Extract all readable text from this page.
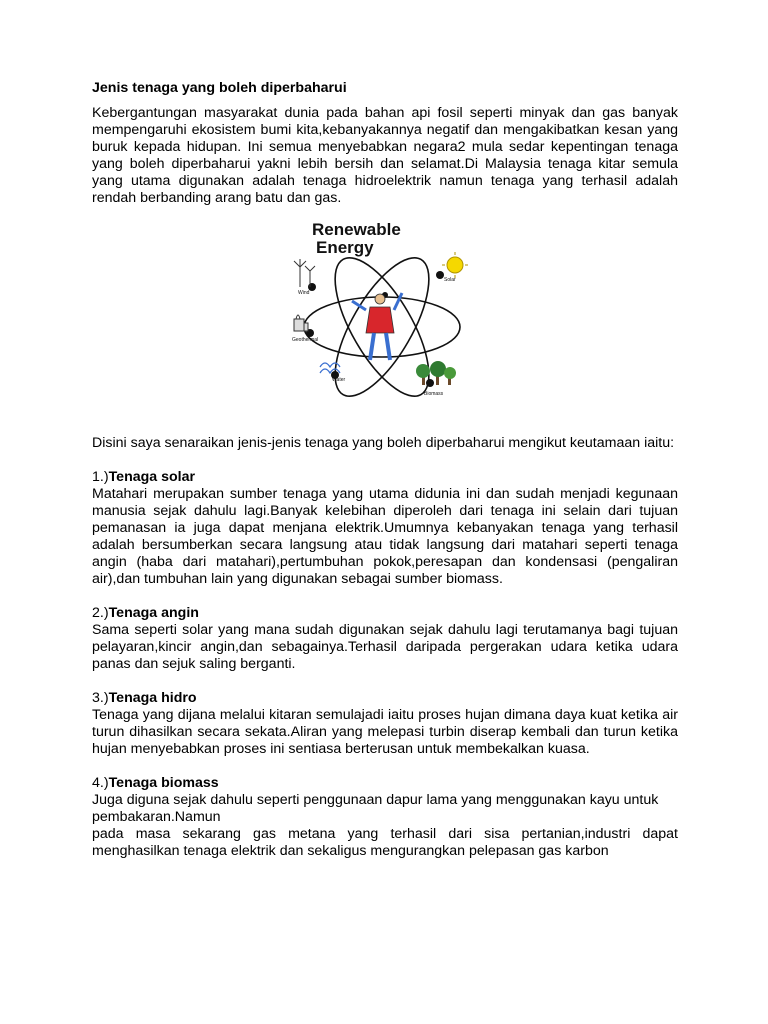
Jenis tenaga yang boleh diperbaharui

Kebergantungan masyarakat dunia pada bahan api fosil seperti minyak dan gas banyak mempengaruhi ekosistem bumi kita,kebanyakannya negatif dan mengakibatkan kesan yang buruk kepada hidupan. Ini semua menyebabkan negara2 mula sedar kepentingan tenaga yang boleh diperbaharui yakni lebih bersih dan selamat.Di Malaysia tenaga kitar semula yang utama digunakan adalah tenaga hidroelektrik namun tenaga yang terhasil adalah rendah berbanding arang batu dan gas.

Renewable
Energy
Solar
Wind
Geothermal
Water
Biomass

Disini saya senaraikan jenis-jenis tenaga yang boleh diperbaharui mengikut keutamaan iaitu:

1.)Tenaga solar

Matahari merupakan sumber tenaga yang utama didunia ini dan sudah menjadi kegunaan manusia sejak dahulu lagi.Banyak kelebihan diperoleh dari tenaga ini selain dari tujuan pemanasan ia juga dapat menjana elektrik.Umumnya kebanyakan tenaga yang terhasil adalah bersumberkan secara langsung atau tidak langsung dari matahari seperti tenaga angin (haba dari matahari),pertumbuhan pokok,peresapan dan kondensasi (pengaliran air),dan tumbuhan lain yang digunakan sebagai sumber biomass.

2.)Tenaga angin

Sama seperti solar yang mana sudah digunakan sejak dahulu lagi terutamanya bagi tujuan pelayaran,kincir angin,dan sebagainya.Terhasil daripada pergerakan udara ketika udara panas dan sejuk saling berganti.

3.)Tenaga hidro

Tenaga yang dijana melalui kitaran semulajadi iaitu proses hujan dimana daya kuat ketika air turun dihasilkan secara sekata.Aliran yang melepasi turbin diserap kembali dan turun ketika hujan menyebabkan proses ini sentiasa berterusan untuk membekalkan kuasa.

4.)Tenaga biomass

Juga diguna sejak dahulu seperti penggunaan dapur lama yang menggunakan kayu untuk pembakaran.Namun

pada masa sekarang gas metana yang terhasil dari sisa pertanian,industri dapat menghasilkan tenaga elektrik dan sekaligus mengurangkan pelepasan gas karbon
